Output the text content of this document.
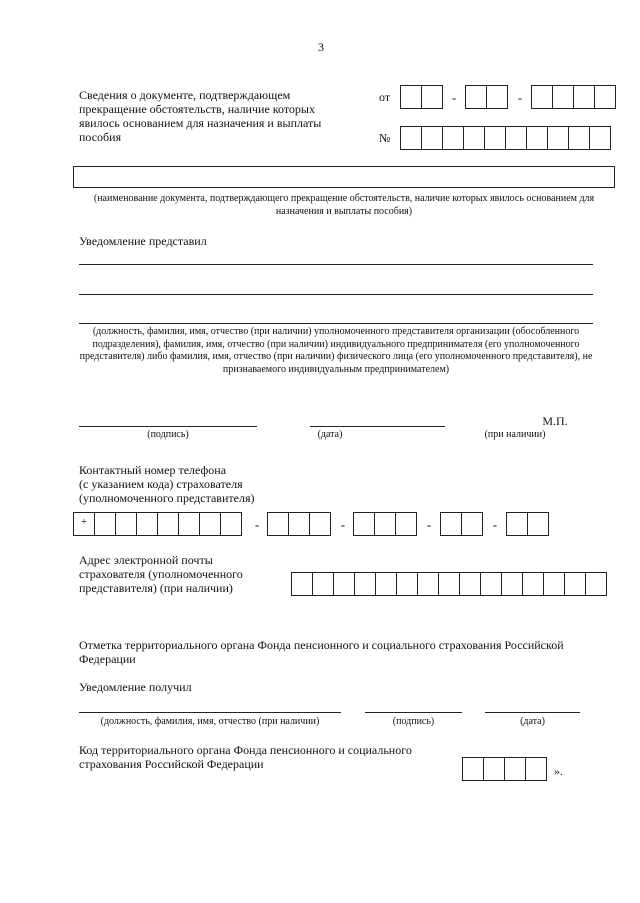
3
Сведения о документе, подтверждающем
прекращение обстоятельств, наличие которых
явилось основанием для назначения и выплаты
пособия
от	-	-
№
(наименование документа, подтверждающего прекращение обстоятельств, наличие которых явилось основанием для назначения и выплаты пособия)
Уведомление представил
(должность, фамилия, имя, отчество (при наличии) уполномоченного представителя организации (обособленного подразделения), фамилия, имя, отчество (при наличии) индивидуального предпринимателя (его уполномоченного представителя) либо фамилия, имя, отчество (при наличии) физического лица (его уполномоченного представителя), не признаваемого индивидуальным предпринимателем)
М.П.
(подпись)	(дата)	(при наличии)
Контактный номер телефона
(с указанием кода) страхователя
(уполномоченного представителя)
+	-	-	-	-
Адрес электронной почты
страхователя (уполномоченного
представителя) (при наличии)
Отметка территориального органа Фонда пенсионного и социального страхования Российской
Федерации
Уведомление получил
(должность, фамилия, имя, отчество (при наличии)	(подпись)	(дата)
Код территориального органа Фонда пенсионного и социального
страхования Российской Федерации	».
